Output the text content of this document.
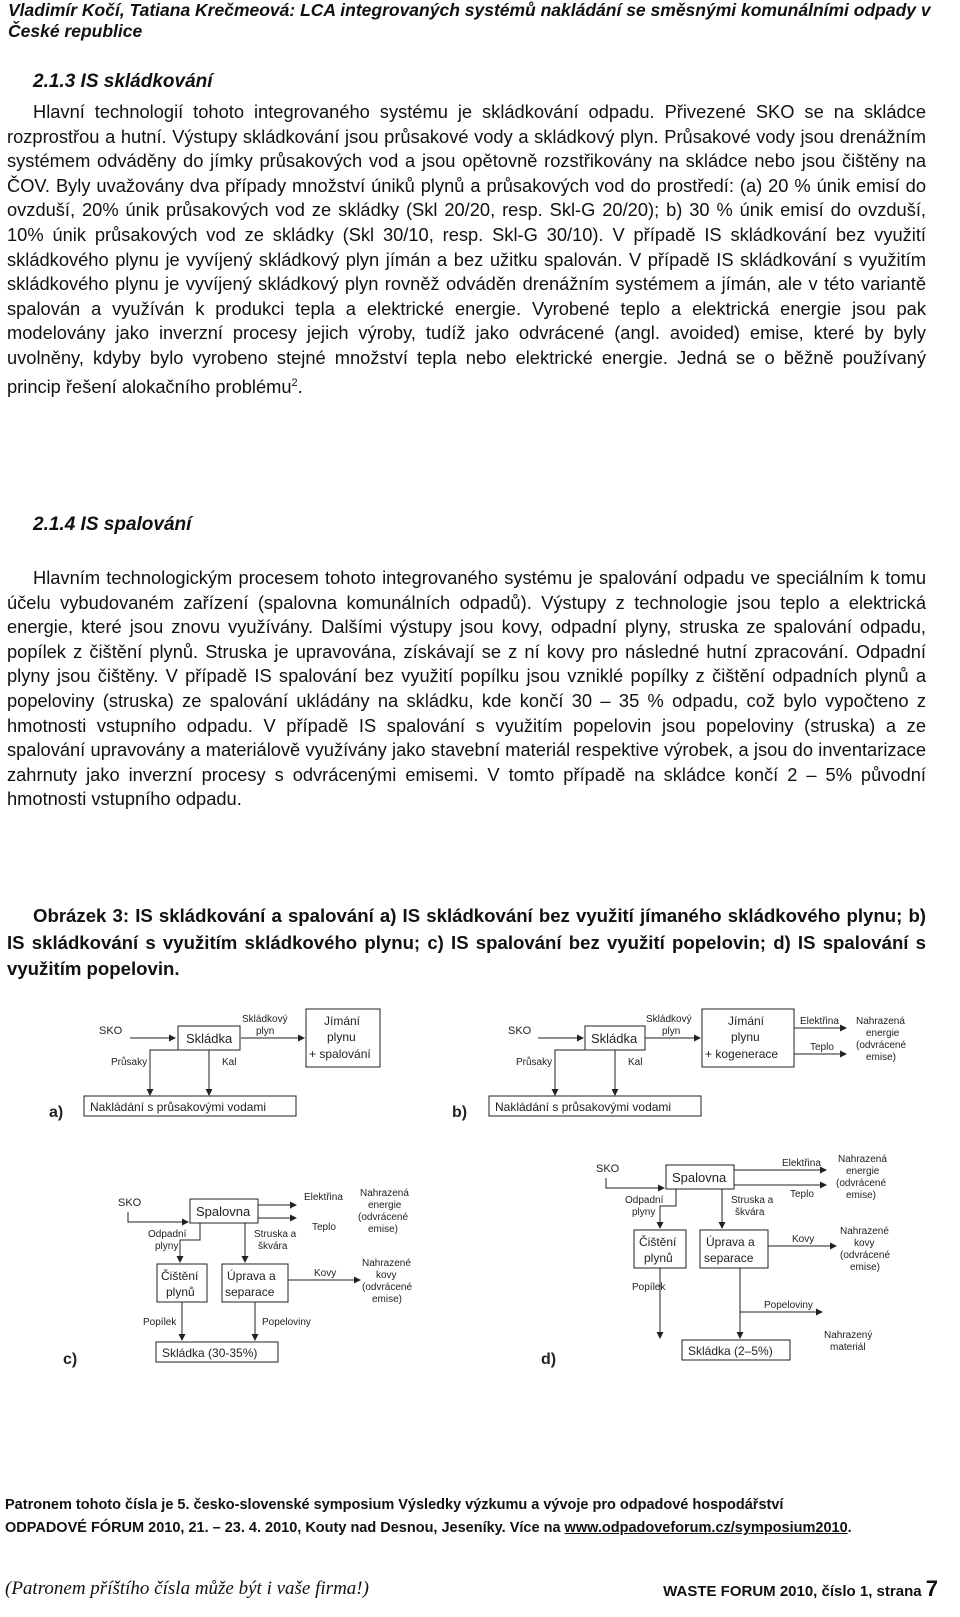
Vladimír Kočí, Tatiana Krečmeová: LCA integrovaných systémů nakládání se směsnými komunálními odpady v České republice
2.1.3 IS skládkování

Hlavní technologií tohoto integrovaného systému je skládkování odpadu. Přivezené SKO se na skládce rozprostřou a hutní. Výstupy skládkování jsou průsakové vody a skládkový plyn. Průsakové vody jsou drenážním systémem odváděny do jímky průsakových vod a jsou opětovně rozstřikovány na skládce nebo jsou čištěny na ČOV. Byly uvažovány dva případy množství úniků plynů a průsakových vod do prostředí: (a) 20 % únik emisí do ovzduší, 20% únik průsakových vod ze skládky (Skl 20/20, resp. Skl-G 20/20); b) 30 % únik emisí do ovzduší, 10% únik průsakových vod ze skládky (Skl 30/10, resp. Skl-G 30/10). V případě IS skládkování bez využití skládkového plynu je vyvíjený skládkový plyn jímán a bez užitku spalován. V případě IS skládkování s využitím skládkového plynu je vyvíjený skládkový plyn rovněž odváděn drenážním systémem a jímán, ale v této variantě spalován a využíván k produkci tepla a elektrické energie. Vyrobené teplo a elektrická energie jsou pak modelovány jako inverzní procesy jejich výroby, tudíž jako odvrácené (angl. avoided) emise, které by byly uvolněny, kdyby bylo vyrobeno stejné množství tepla nebo elektrické energie. Jedná se o běžně používaný princip řešení alokačního problému$^2$.

2.1.4 IS spalování

Hlavním technologickým procesem tohoto integrovaného systému je spalování odpadu ve speciálním k tomu účelu vybudovaném zařízení (spalovna komunálních odpadů). Výstupy z technologie jsou teplo a elektrická energie, které jsou znovu využívány. Dalšími výstupy jsou kovy, odpadní plyny, struska ze spalování odpadu, popílek z čištění plynů. Struska je upravována, získávají se z ní kovy pro následné hutní zpracování. Odpadní plyny jsou čištěny. V případě IS spalování bez využití popílku jsou vzniklé popílky z čištění odpadních plynů a popeloviny (struska) ze spalování ukládány na skládku, kde končí 30 – 35 % odpadu, což bylo vypočteno z hmotnosti vstupního odpadu. V případě IS spalování s využitím popelovin jsou popeloviny (struska) a ze spalování upravovány a materiálově využívány jako stavební materiál respektive výrobek, a jsou do inventarizace zahrnuty jako inverzní procesy s odvrácenými emisemi. V tomto případě na skládce končí 2 – 5% původní hmotnosti vstupního odpadu.

Obrázek 3: IS skládkování a spalování a) IS skládkování bez využití jímaného skládkového plynu; b) IS skládkování s využitím skládkového plynu; c) IS spalování bez využití popelovin; d) IS spalování s využitím popelovin.

SKO	Skládka
Skládkový
plyn
Jímání
plynu
+ spalování
Průsaky	Kal
Nakládání s průsakovými vodami
a)
SKO	Skládka
Skládkový
plyn
Jímání
plynu
+ kogenerace
Elektřina
Teplo
Nahrazená
energie
(odvrácené
emise)
Průsaky	Kal
Nakládání s průsakovými vodami
b)
SKO
Spalovna
Elektřina
Teplo
Nahrazená
energie
(odvrácené
emise)
Odpadní
plyny
Struska a
škvára
Čištění
plynů
Úprava a
separace
Kovy
Nahrazené
kovy
(odvrácené
emise)
Popílek	Popeloviny
Skládka (30-35%)
c)
SKO
Spalovna
Elektřina
Teplo
Nahrazená
energie
(odvrácené
emise)
Odpadní
plyny
Struska a
škvára
Čištění
plynů
Úprava a
separace
Kovy
Nahrazené
kovy
(odvrácené
emise)
Popílek
Popeloviny
Nahrazený
materiál
Skládka (2–5%)
d)
Patronem tohoto čísla je 5. česko-slovenské symposium Výsledky výzkumu a vývoje pro odpadové hospodářství
ODPADOVÉ FÓRUM 2010, 21. – 23. 4. 2010, Kouty nad Desnou, Jeseníky. Více na www.odpadoveforum.cz/symposium2010.
(Patronem příštího čísla může být i vaše firma!)	WASTE FORUM 2010, číslo 1, strana 7
